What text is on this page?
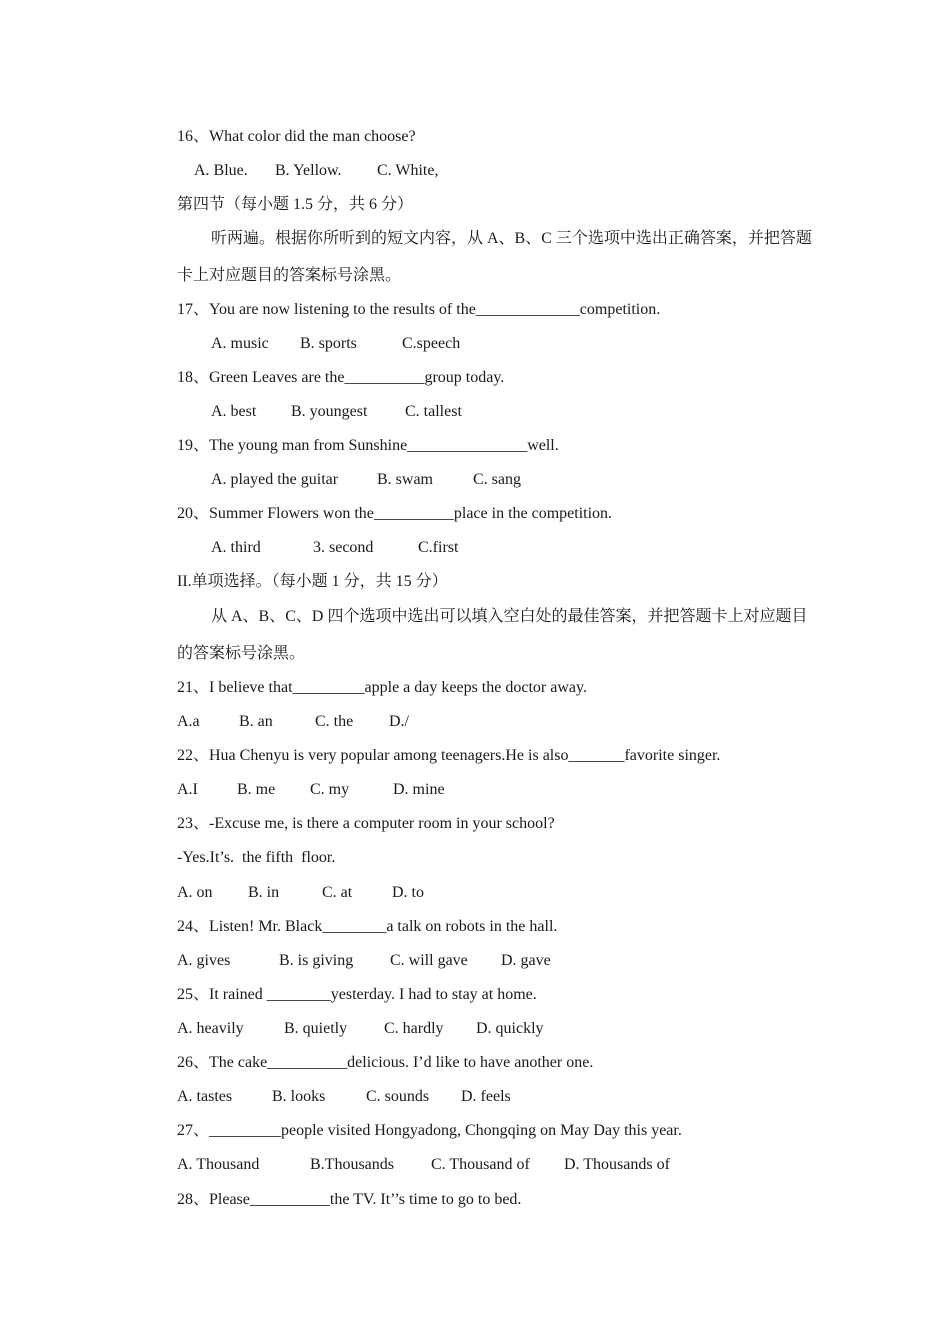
16、What color did the man choose?
A. Blue. B. Yellow. C. White,
第四节（每小题 1.5 分，共 6 分）
听两遍。根据你所听到的短文内容，从 A、B、C 三个选项中选出正确答案，并把答题
卡上对应题目的答案标号涂黑。
17、You are now listening to the results of the_____________competition.
A. music B. sports	C.speech
18、Green Leaves are the__________group today.
A. best B. youngest C. tallest
19、The young man from Sunshine_______________well.
A. played the guitar B. swam	C. sang
20、Summer Flowers won the__________place in the competition.
A. third	3. second	C.first
II.单项选择。（每小题 1 分，共 15 分）
从 A、B、C、D 四个选项中选出可以填入空白处的最佳答案，并把答题卡上对应题目
的答案标号涂黑。
21、I believe that_________apple a day keeps the doctor away.
A.a B. an	C. the D./
22、Hua Chenyu is very popular among teenagers.He is also_______favorite singer.
A.I B. me C. my	D. mine
23、-Excuse me, is there a computer room in your school?
-Yes.It’s.  the fifth  floor.
A. on B. in	C. at D. to
24、Listen! Mr. Black________a talk on robots in the hall.
A. gives	B. is giving C. will gave D. gave
25、It rained ________yesterday. I had to stay at home.
A. heavily	B. quietly C. hardly D. quickly
26、The cake__________delicious. I’d like to have another one.
A. tastes B. looks	C. sounds D. feels
27、_________people visited Hongyadong, Chongqing on May Day this year.
A. Thousand	B.Thousands C. Thousand of D. Thousands of
28、Please__________the TV. It’’s time to go to bed.
